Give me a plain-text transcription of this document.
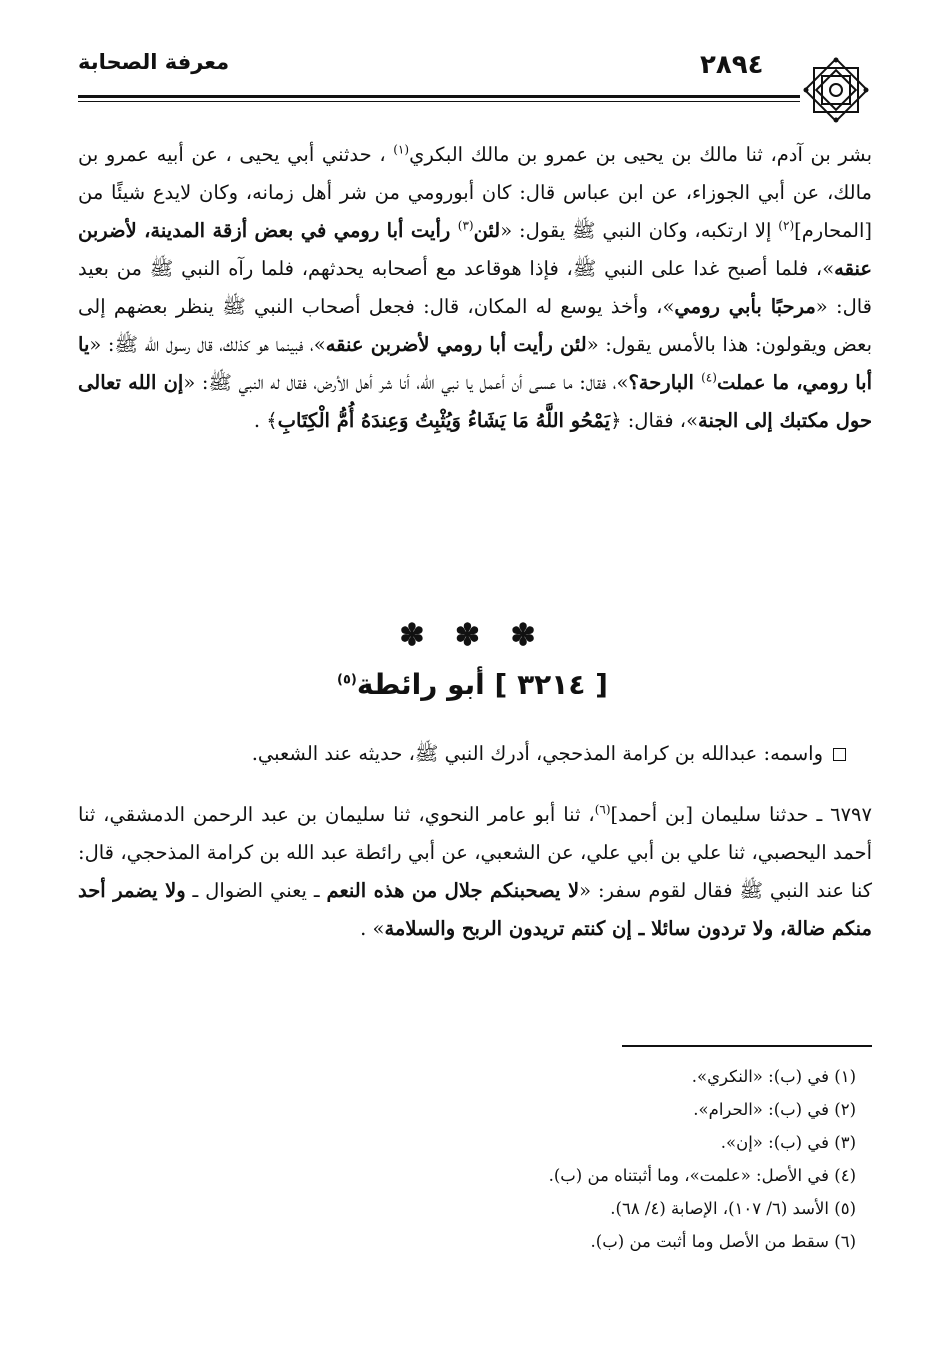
معرفة الصحابة	٢٨٩٤
بشر بن آدم، ثنا مالك بن يحيى بن عمرو بن مالك البكري$^{(١)}$ ، حدثني أبي يحيى ، عن أبيه عمرو بن مالك، عن أبي الجوزاء، عن ابن عباس قال: كان أبورومي من شر أهل زمانه، وكان لايدع شيئًا من [المحارم]$^{(٢)}$ إلا ارتكبه، وكان النبي ﷺ يقول: «لئن$^{(٣)}$ رأيت أبا رومي في بعض أزقة المدينة، لأضربن عنقه»، فلما أصبح غدا على النبي ﷺ، فإذا هوقاعد مع أصحابه يحدثهم، فلما رآه النبي ﷺ من بعيد قال: «مرحبًا بأبي رومي»، وأخذ يوسع له المكان، قال: فجعل أصحاب النبي ﷺ ينظر بعضهم إلى بعض ويقولون: هذا بالأمس يقول: «لئن رأيت أبا رومي لأضربن عنقه»، فبينما هو كذلك، قال رسول الله ﷺ: «يا أبا رومي، ما عملت$^{(٤)}$ البارحة؟»، فقال: ما عسى أن أعمل يا نبي الله، أنا شر أهل الأرض، فقال له النبي ﷺ: «إن الله تعالى حول مكتبك إلى الجنة»، فقال: ﴿يَمْحُو اللَّهُ مَا يَشَاءُ وَيُثْبِتُ وَعِندَهُ أُمُّ الْكِتَابِ﴾ .
✽ ✽ ✽
[ ٣٢١٤ ] أبو رائطة$^{(٥)}$
واسمه: عبدالله بن كرامة المذحجي، أدرك النبي ﷺ، حديثه عند الشعبي.
٦٧٩٧ ـ حدثنا سليمان [بن أحمد]$^{(٦)}$، ثنا أبو عامر النحوي، ثنا سليمان بن عبد الرحمن الدمشقي، ثنا أحمد اليحصبي، ثنا علي بن أبي علي، عن الشعبي، عن أبي رائطة عبد الله بن كرامة المذحجي، قال: كنا عند النبي ﷺ فقال لقوم سفر: «لا يصحبنكم جلال من هذه النعم ـ يعني الضوال ـ ولا يضمر أحد منكم ضالة، ولا تردون سائلا ـ إن كنتم تريدون الربح والسلامة» .
(١) في (ب): «النكري».
(٢) في (ب): «الحرام».
(٣) في (ب): «إن».
(٤) في الأصل: «علمت»، وما أثبتناه من (ب).
(٥) الأسد (٦/ ١٠٧)، الإصابة (٤/ ٦٨).
(٦) سقط من الأصل وما أثبت من (ب).
